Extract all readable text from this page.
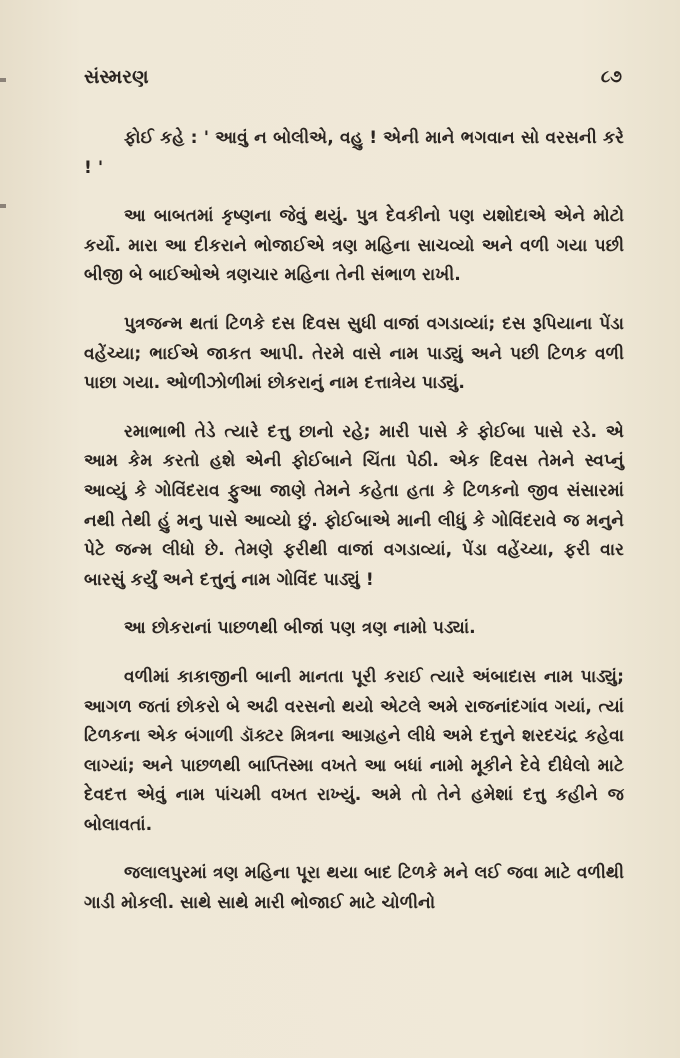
સંસ્મરણ	૮૭

ફોઈ કહે : ' આવું ન બોલીએ, વહુ ! એની માને ભગવાન સો વરસની કરે ! '

આ બાબતમાં કૃષ્ણના જેવું થયું. પુત્ર દેવકીનો પણ યશોદાએ એને મોટો કર્યો. મારા આ દીકરાને ભોજાઈએ ત્રણ મહિના સાચવ્યો અને વળી ગયા પછી બીજી બે બાઈઓએ ત્રણચાર મહિના તેની સંભાળ રાખી.

પુત્રજન્મ થતાં ટિળકે દસ દિવસ સુધી વાજાં વગડાવ્યાં; દસ રૂપિયાના પેંડા વહેંચ્યા; ભાઈએ જાકત આપી. તેરમે વાસે નામ પાડ્યું અને પછી ટિળક વળી પાછા ગયા. ઓળીઝોળીમાં છોકરાનું નામ દત્તાત્રેય પાડ્યું.

રમાભાભી તેડે ત્યારે દત્તુ છાનો રહે; મારી પાસે કે ફોઈબા પાસે રડે. એ આમ કેમ કરતો હશે એની ફોઈબાને ચિંતા પેઠી. એક દિવસ તેમને સ્વપ્નું આવ્યું કે ગોવિંદરાવ ફુઆ જાણે તેમને કહેતા હતા કે ટિળકનો જીવ સંસારમાં નથી તેથી હું મનુ પાસે આવ્યો છું. ફોઈબાએ માની લીધું કે ગોવિંદરાવે જ મનુને પેટે જન્મ લીધો છે. તેમણે ફરીથી વાજાં વગડાવ્યાં, પેંડા વહેંચ્યા, ફરી વાર બારસું કર્યું અને દત્તુનું નામ ગોવિંદ પાડ્યું !

આ છોકરાનાં પાછળથી બીજાં પણ ત્રણ નામો પડ્યાં.

વળીમાં કાકાજીની બાની માનતા પૂરી કરાઈ ત્યારે અંબાદાસ નામ પાડ્યું; આગળ જતાં છોકરો બે અઢી વરસનો થયો એટલે અમે રાજનાંદગાંવ ગયાં, ત્યાં ટિળકના એક બંગાળી ડૉક્ટર મિત્રના આગ્રહને લીધે અમે દત્તુને શરદચંદ્ર કહેવા લાગ્યાં; અને પાછળથી બાપ્તિસ્મા વખતે આ બધાં નામો મૂકીને દેવે દીધેલો માટે દેવદત્ત એવું નામ પાંચમી વખત રાખ્યું. અમે તો તેને હમેશાં દત્તુ કહીને જ બોલાવતાં.

જલાલપુરમાં ત્રણ મહિના પૂરા થયા બાદ ટિળકે મને લઈ જવા માટે વળીથી ગાડી મોકલી. સાથે સાથે મારી ભોજાઈ માટે ચોળીનો
